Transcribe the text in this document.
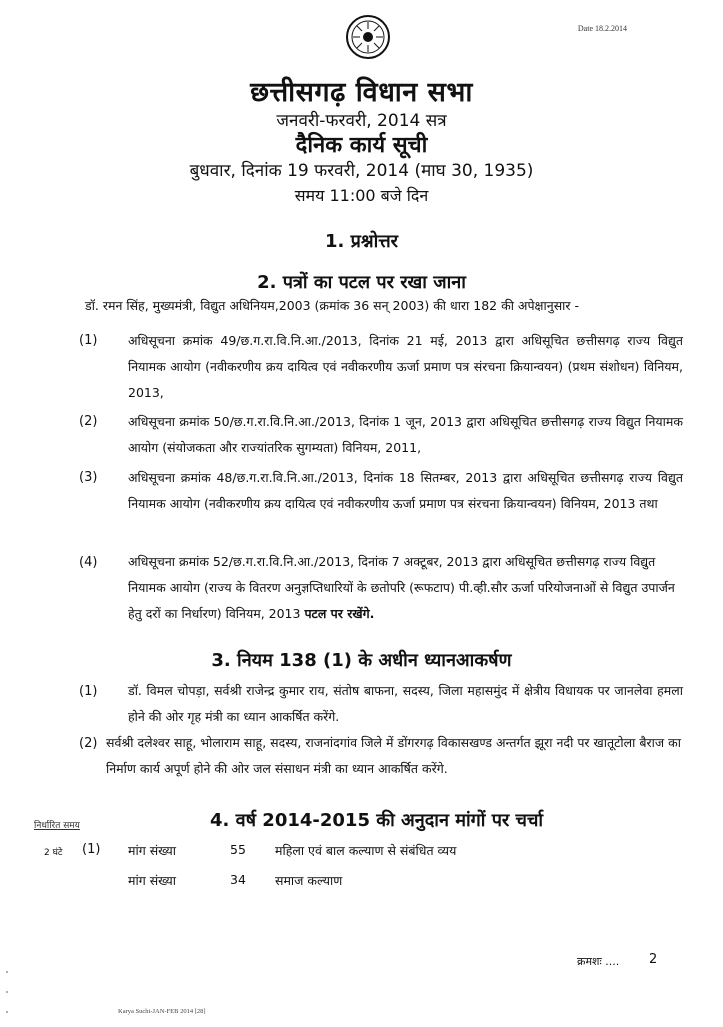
Date 18.2.2014
छत्तीसगढ़ विधान सभा
जनवरी-फरवरी, 2014 सत्र
दैनिक कार्य सूची
बुधवार, दिनांक 19 फरवरी, 2014 (माघ 30, 1935)
समय 11:00 बजे दिन
1. प्रश्नोत्तर
2. पत्रों का पटल पर रखा जाना
डॉ. रमन सिंह, मुख्यमंत्री, विद्युत अधिनियम,2003 (क्रमांक 36 सन् 2003) की धारा 182 की अपेक्षानुसार -
(1) अधिसूचना क्रमांक 49/छ.ग.रा.वि.नि.आ./2013, दिनांक 21 मई, 2013 द्वारा अधिसूचित छत्तीसगढ़ राज्य विद्युत नियामक आयोग (नवीकरणीय क्रय दायित्व एवं नवीकरणीय ऊर्जा प्रमाण पत्र संरचना क्रियान्वयन) (प्रथम संशोधन) विनियम, 2013,
(2) अधिसूचना क्रमांक 50/छ.ग.रा.वि.नि.आ./2013, दिनांक 1 जून, 2013 द्वारा अधिसूचित छत्तीसगढ़ राज्य विद्युत नियामक आयोग (संयोजकता और राज्यांतरिक सुगम्यता) विनियम, 2011,
(3) अधिसूचना क्रमांक 48/छ.ग.रा.वि.नि.आ./2013, दिनांक 18 सितम्बर, 2013 द्वारा अधिसूचित छत्तीसगढ़ राज्य विद्युत नियामक आयोग (नवीकरणीय क्रय दायित्व एवं नवीकरणीय ऊर्जा प्रमाण पत्र संरचना क्रियान्वयन) विनियम, 2013 तथा
(4) अधिसूचना क्रमांक 52/छ.ग.रा.वि.नि.आ./2013, दिनांक 7 अक्टूबर, 2013 द्वारा अधिसूचित छत्तीसगढ़ राज्य विद्युत नियामक आयोग (राज्य के वितरण अनुज्ञप्तिधारियों के छतोपरि (रूफटाप) पी.व्ही.सौर ऊर्जा परियोजनाओं से विद्युत उपार्जन हेतु दरों का निर्धारण) विनियम, 2013 पटल पर रखेंगे.
3. नियम 138 (1) के अधीन ध्यानआकर्षण
(1) डॉ. विमल चोपड़ा, सर्वश्री राजेन्द्र कुमार राय, संतोष बाफना, सदस्य, जिला महासमुंद में क्षेत्रीय विधायक पर जानलेवा हमला होने की ओर गृह मंत्री का ध्यान आकर्षित करेंगे.
(2) सर्वश्री दलेश्वर साहू, भोलाराम साहू, सदस्य, राजनांदगांव जिले में डोंगरगढ़ विकासखण्ड अन्तर्गत झूरा नदी पर खातूटोला बैराज का निर्माण कार्य अपूर्ण होने की ओर जल संसाधन मंत्री का ध्यान आकर्षित करेंगे.
निर्धारित समय	4. वर्ष 2014-2015 की अनुदान मांगों पर चर्चा
2 घंटे (1) मांग संख्या	55 महिला एवं बाल कल्याण से संबंधित व्यय
मांग संख्या	34 समाज कल्याण
क्रमशः .... 2
Karya Suchi-JAN-FEB 2014 [28]
